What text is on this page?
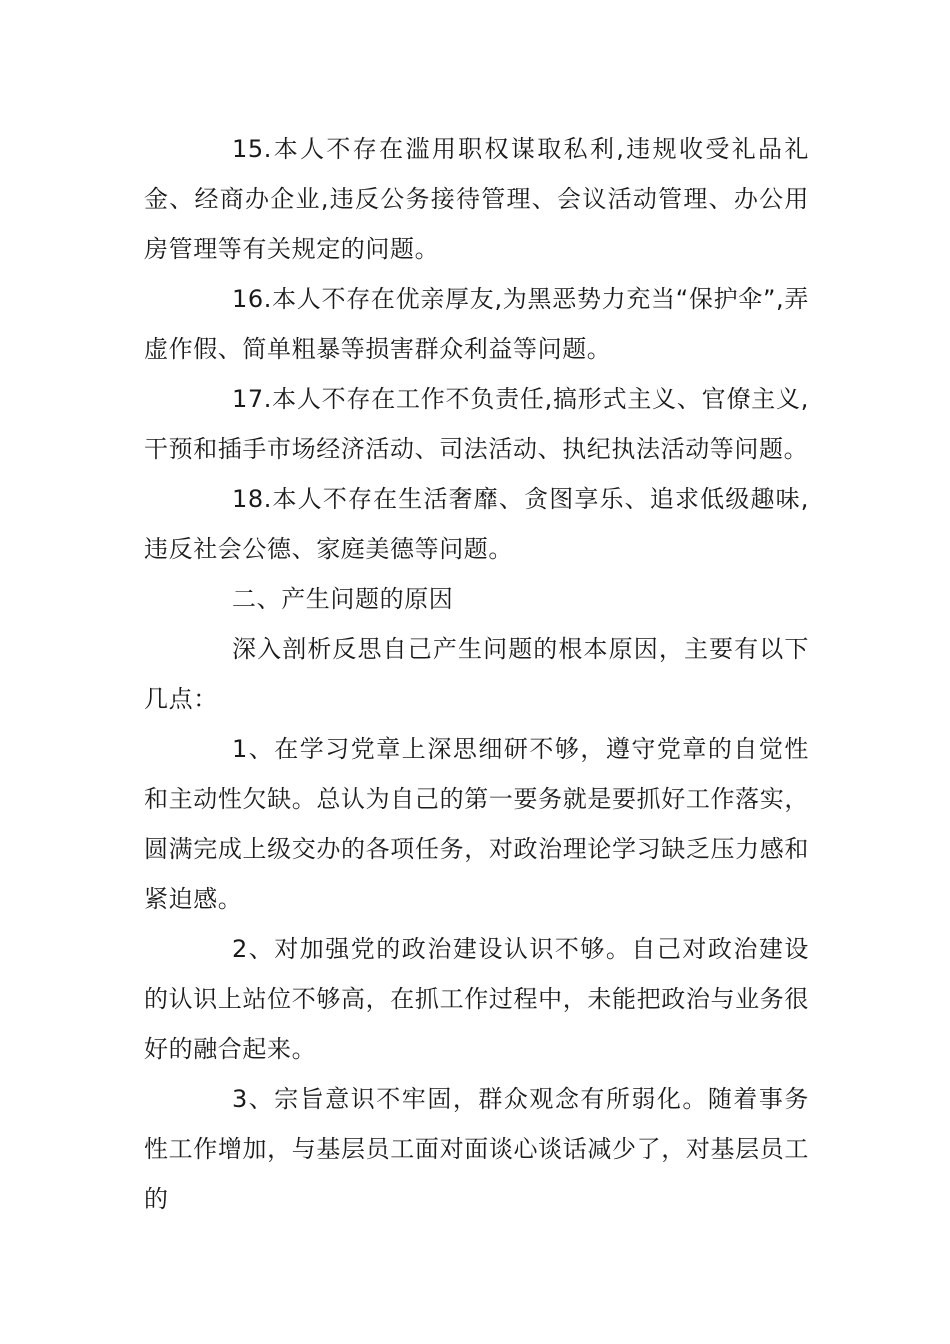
15.本人不存在滥用职权谋取私利,违规收受礼品礼金、经商办企业,违反公务接待管理、会议活动管理、办公用房管理等有关规定的问题。

16.本人不存在优亲厚友,为黑恶势力充当“保护伞”,弄虚作假、简单粗暴等损害群众利益等问题。

17.本人不存在工作不负责任,搞形式主义、官僚主义,干预和插手市场经济活动、司法活动、执纪执法活动等问题。

18.本人不存在生活奢靡、贪图享乐、追求低级趣味,违反社会公德、家庭美德等问题。

二、产生问题的原因

深入剖析反思自己产生问题的根本原因，主要有以下几点：

1、在学习党章上深思细研不够，遵守党章的自觉性和主动性欠缺。总认为自己的第一要务就是要抓好工作落实，圆满完成上级交办的各项任务，对政治理论学习缺乏压力感和紧迫感。

2、对加强党的政治建设认识不够。自己对政治建设的认识上站位不够高，在抓工作过程中，未能把政治与业务很好的融合起来。

3、宗旨意识不牢固，群众观念有所弱化。随着事务性工作增加，与基层员工面对面谈心谈话减少了，对基层员工的
